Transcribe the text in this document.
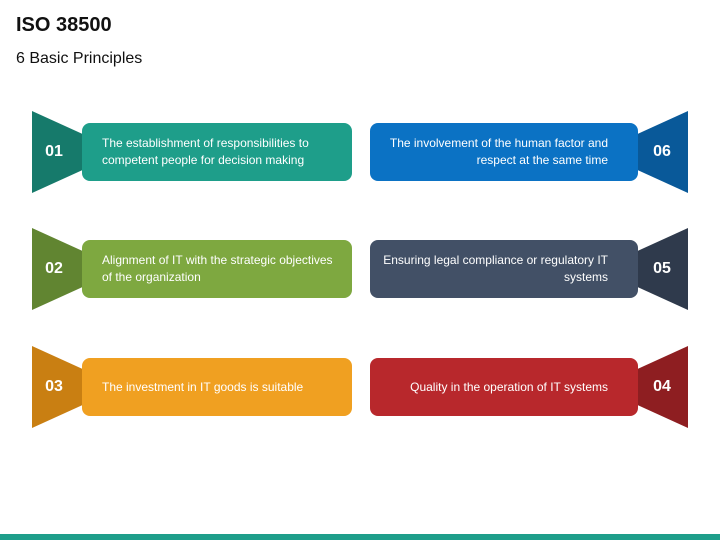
ISO 38500
6 Basic Principles
01	The establishment of responsibilities to competent people for decision making
02	Alignment of IT with the strategic objectives of the organization
03	The investment in IT goods is suitable
The involvement of the human factor and respect at the same time	06
Ensuring legal compliance or regulatory IT systems	05
Quality in the operation of IT systems	04
